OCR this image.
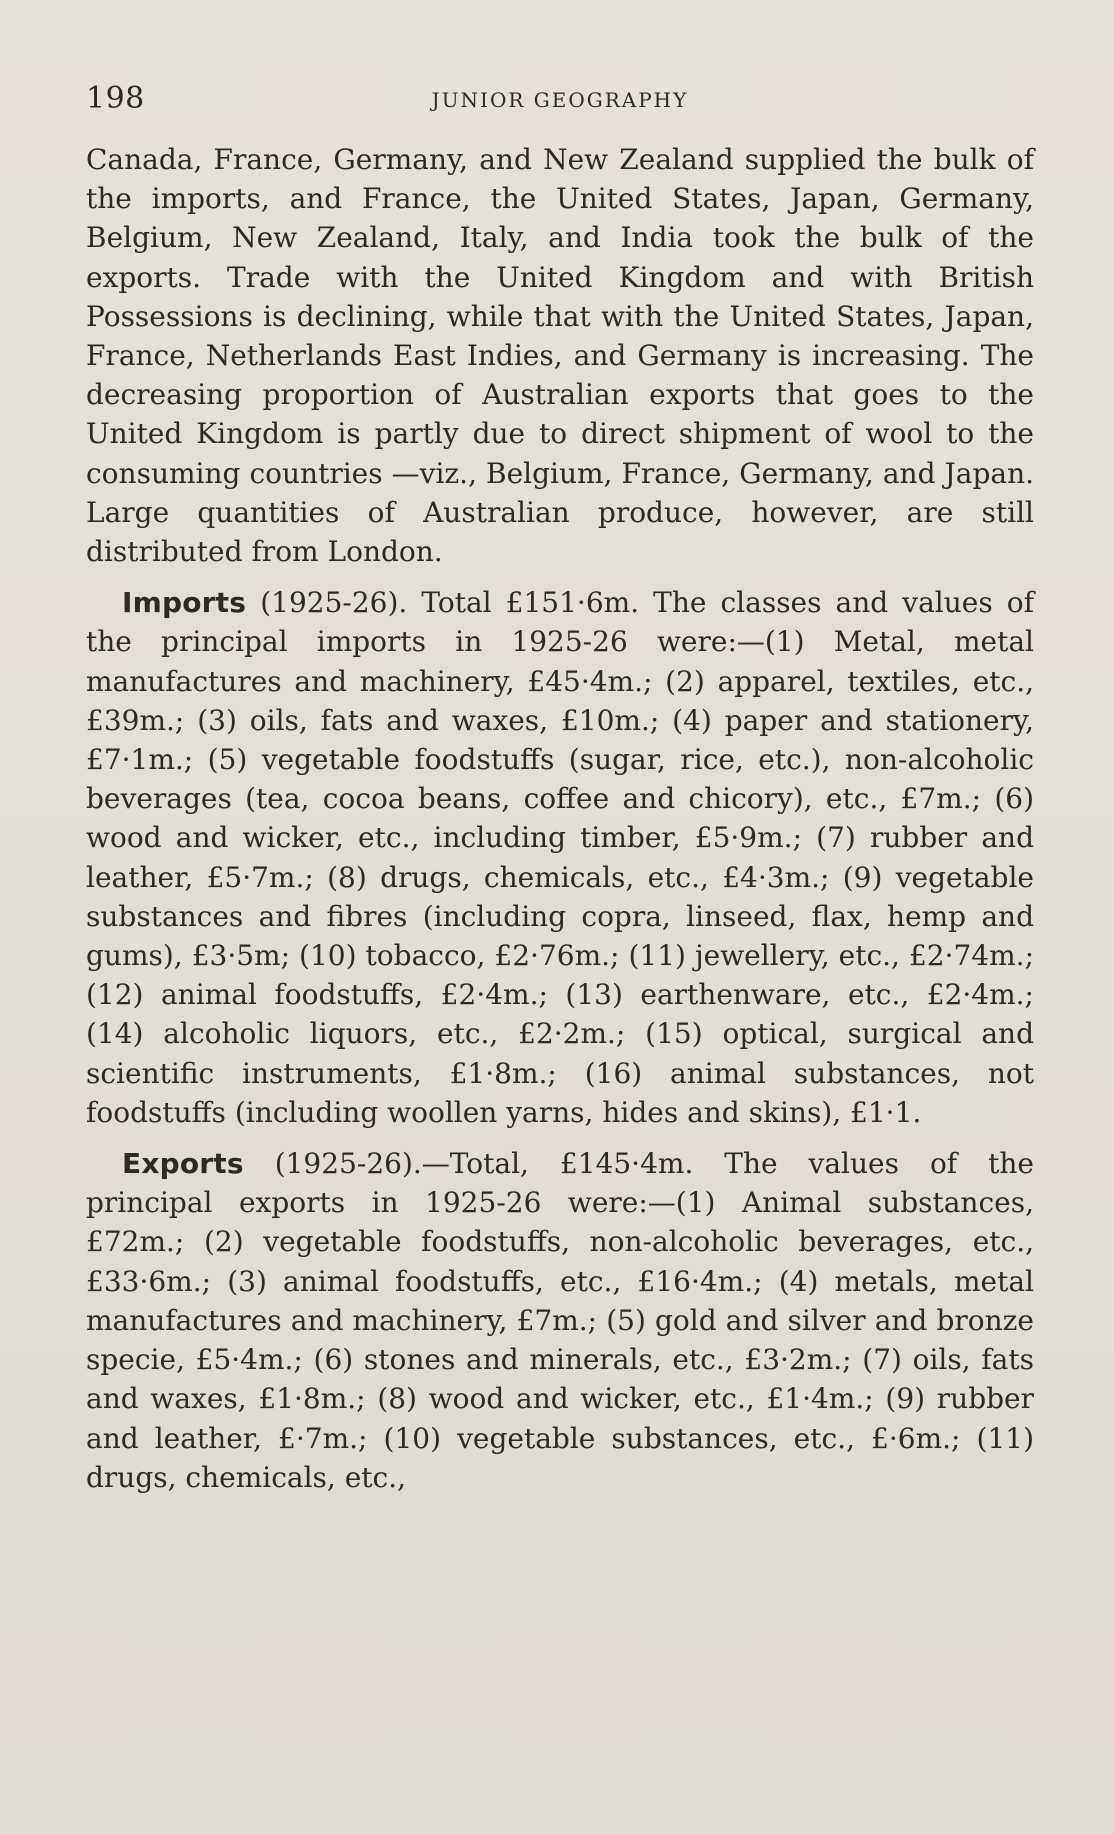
198	JUNIOR GEOGRAPHY

Canada, France, Germany, and New Zealand supplied the bulk of the imports, and France, the United States, Japan, Germany, Belgium, New Zealand, Italy, and India took the bulk of the exports. Trade with the United Kingdom and with British Possessions is declining, while that with the United States, Japan, France, Netherlands East Indies, and Germany is increasing. The decreasing proportion of Australian exports that goes to the United Kingdom is partly due to direct shipment of wool to the consuming countries —viz., Belgium, France, Germany, and Japan. Large quantities of Australian produce, however, are still distributed from London.

Imports (1925-26). Total £151·6m. The classes and values of the principal imports in 1925-26 were:—(1) Metal, metal manufactures and machinery, £45·4m.; (2) apparel, textiles, etc., £39m.; (3) oils, fats and waxes, £10m.; (4) paper and stationery, £7·1m.; (5) vegetable foodstuffs (sugar, rice, etc.), non-alcoholic beverages (tea, cocoa beans, coffee and chicory), etc., £7m.; (6) wood and wicker, etc., including timber, £5·9m.; (7) rubber and leather, £5·7m.; (8) drugs, chemicals, etc., £4·3m.; (9) vegetable substances and fibres (including copra, linseed, flax, hemp and gums), £3·5m; (10) tobacco, £2·76m.; (11) jewellery, etc., £2·74m.; (12) animal foodstuffs, £2·4m.; (13) earthenware, etc., £2·4m.; (14) alcoholic liquors, etc., £2·2m.; (15) optical, surgical and scientific instruments, £1·8m.; (16) animal substances, not foodstuffs (including woollen yarns, hides and skins), £1·1.

Exports (1925-26).—Total, £145·4m. The values of the principal exports in 1925-26 were:—(1) Animal substances, £72m.; (2) vegetable foodstuffs, non-alcoholic beverages, etc., £33·6m.; (3) animal foodstuffs, etc., £16·4m.; (4) metals, metal manufactures and machinery, £7m.; (5) gold and silver and bronze specie, £5·4m.; (6) stones and minerals, etc., £3·2m.; (7) oils, fats and waxes, £1·8m.; (8) wood and wicker, etc., £1·4m.; (9) rubber and leather, £·7m.; (10) vegetable substances, etc., £·6m.; (11) drugs, chemicals, etc.,
